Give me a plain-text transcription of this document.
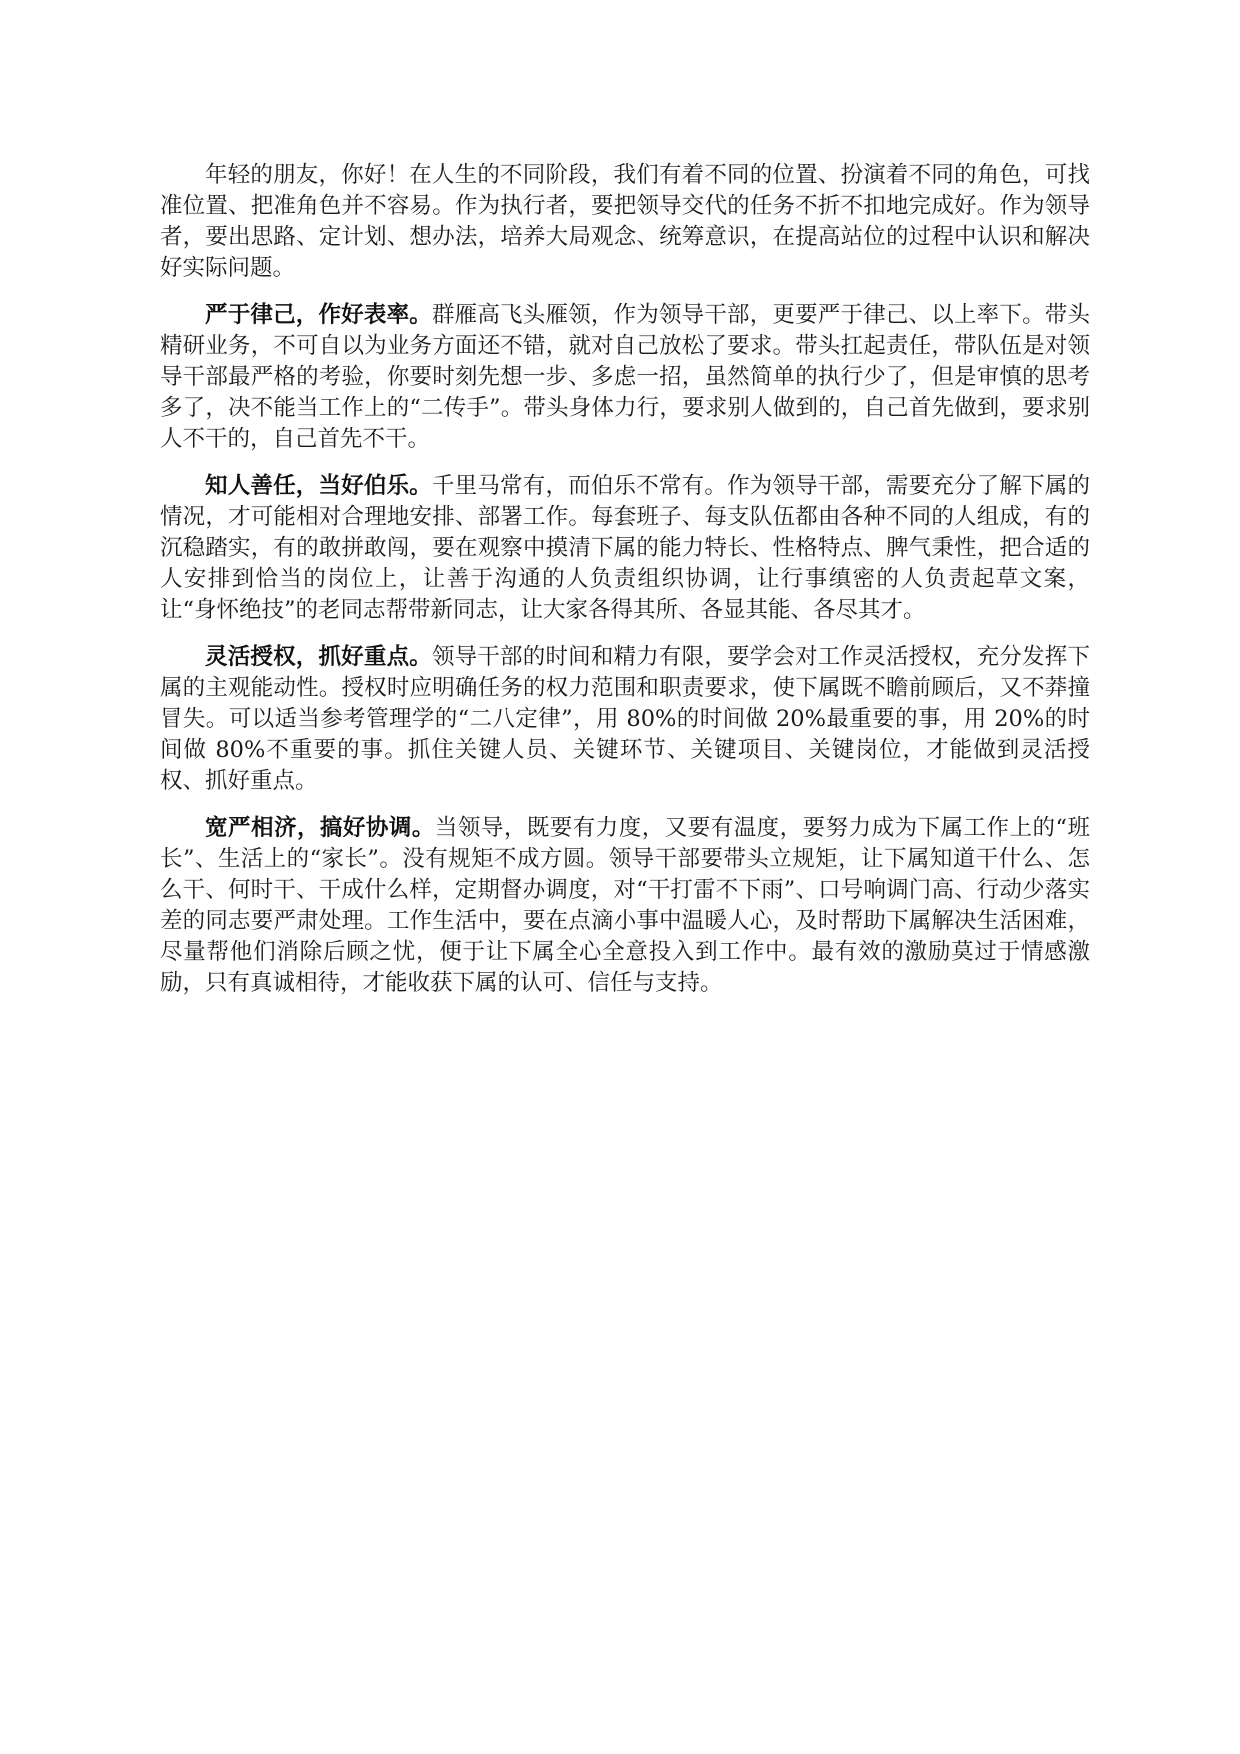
年轻的朋友，你好！在人生的不同阶段，我们有着不同的位置、扮演着不同的角色，可找准位置、把准角色并不容易。作为执行者，要把领导交代的任务不折不扣地完成好。作为领导者，要出思路、定计划、想办法，培养大局观念、统筹意识，在提高站位的过程中认识和解决好实际问题。

严于律己，作好表率。群雁高飞头雁领，作为领导干部，更要严于律己、以上率下。带头精研业务，不可自以为业务方面还不错，就对自己放松了要求。带头扛起责任，带队伍是对领导干部最严格的考验，你要时刻先想一步、多虑一招，虽然简单的执行少了，但是审慎的思考多了，决不能当工作上的“二传手”。带头身体力行，要求别人做到的，自己首先做到，要求别人不干的，自己首先不干。

知人善任，当好伯乐。千里马常有，而伯乐不常有。作为领导干部，需要充分了解下属的情况，才可能相对合理地安排、部署工作。每套班子、每支队伍都由各种不同的人组成，有的沉稳踏实，有的敢拼敢闯，要在观察中摸清下属的能力特长、性格特点、脾气秉性，把合适的人安排到恰当的岗位上，让善于沟通的人负责组织协调，让行事缜密的人负责起草文案，让“身怀绝技”的老同志帮带新同志，让大家各得其所、各显其能、各尽其才。

灵活授权，抓好重点。领导干部的时间和精力有限，要学会对工作灵活授权，充分发挥下属的主观能动性。授权时应明确任务的权力范围和职责要求，使下属既不瞻前顾后，又不莽撞冒失。可以适当参考管理学的“二八定律”，用 80%的时间做 20%最重要的事，用 20%的时间做 80%不重要的事。抓住关键人员、关键环节、关键项目、关键岗位，才能做到灵活授权、抓好重点。

宽严相济，搞好协调。当领导，既要有力度，又要有温度，要努力成为下属工作上的“班长”、生活上的“家长”。没有规矩不成方圆。领导干部要带头立规矩，让下属知道干什么、怎么干、何时干、干成什么样，定期督办调度，对“干打雷不下雨”、口号响调门高、行动少落实差的同志要严肃处理。工作生活中，要在点滴小事中温暖人心，及时帮助下属解决生活困难，尽量帮他们消除后顾之忧，便于让下属全心全意投入到工作中。最有效的激励莫过于情感激励，只有真诚相待，才能收获下属的认可、信任与支持。
